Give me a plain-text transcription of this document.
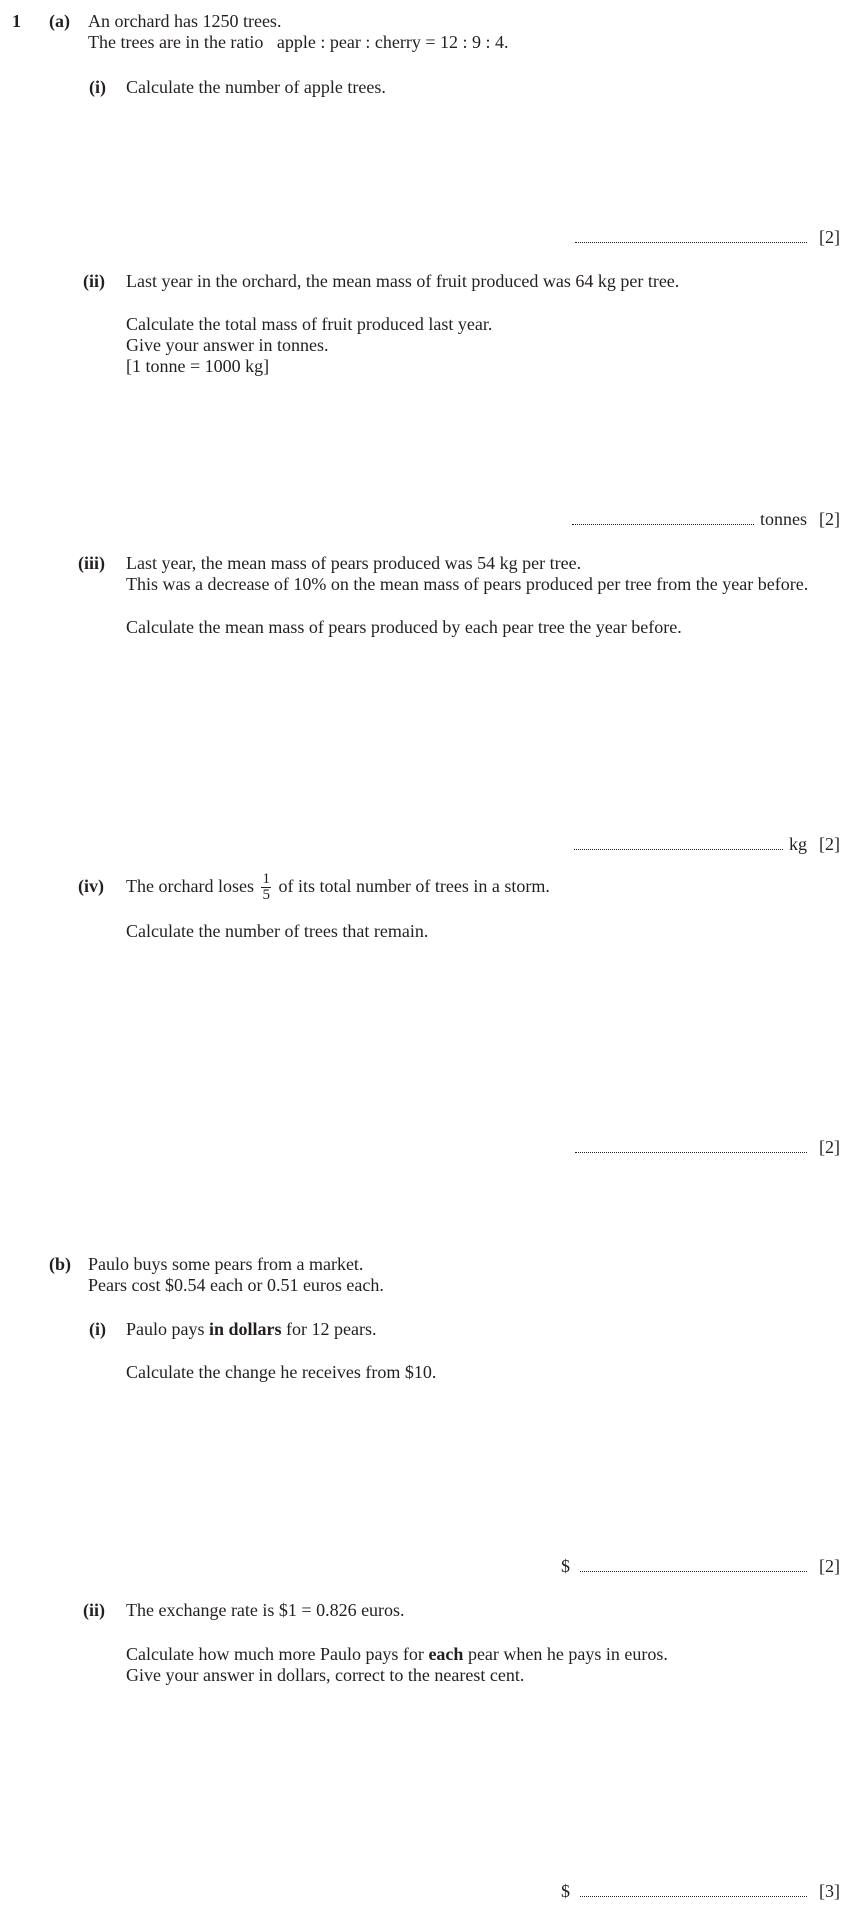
1 (a) An orchard has 1250 trees.
The trees are in the ratio   apple : pear : cherry = 12 : 9 : 4.
(i) Calculate the number of apple trees.
[2]
(ii) Last year in the orchard, the mean mass of fruit produced was 64 kg per tree.
Calculate the total mass of fruit produced last year.
Give your answer in tonnes.
[1 tonne = 1000 kg]
tonnes [2]
(iii) Last year, the mean mass of pears produced was 54 kg per tree.
This was a decrease of 10% on the mean mass of pears produced per tree from the year before.
Calculate the mean mass of pears produced by each pear tree the year before.
kg [2]
(iv) The orchard loses $\frac{1}{5}$ of its total number of trees in a storm.
Calculate the number of trees that remain.
[2]
(b) Paulo buys some pears from a market.
Pears cost $0.54 each or 0.51 euros each.
(i) Paulo pays in dollars for 12 pears.
Calculate the change he receives from $10.
$	[2]
(ii) The exchange rate is $1 = 0.826 euros.
Calculate how much more Paulo pays for each pear when he pays in euros.
Give your answer in dollars, correct to the nearest cent.
$	[3]
